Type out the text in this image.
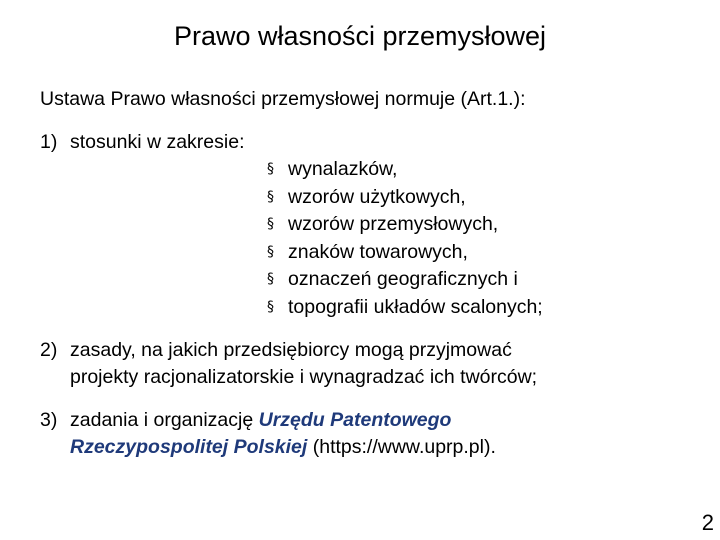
Prawo własności przemysłowej

Ustawa Prawo własności przemysłowej normuje (Art.1.):

1) stosunki w zakresie:
§ wynalazków,
§ wzorów użytkowych,
§ wzorów przemysłowych,
§ znaków towarowych,
§ oznaczeń geograficznych i
§ topografii układów scalonych;
2) zasady, na jakich przedsiębiorcy mogą przyjmować
projekty racjonalizatorskie i wynagradzać ich twórców;
3) zadania i organizację Urzędu Patentowego
Rzeczypospolitej Polskiej (https://www.uprp.pl).
2
